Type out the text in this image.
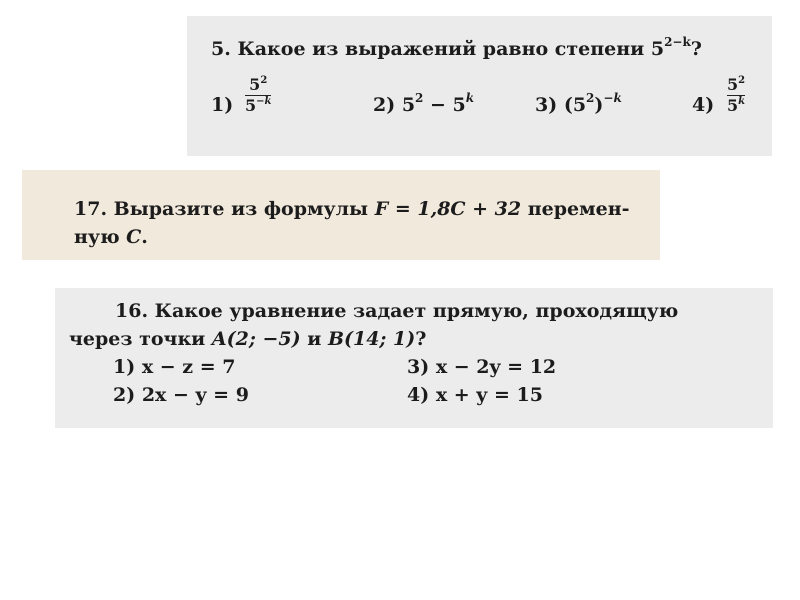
5. Какое из выражений равно степени $5^{2-k}$?
1)
$5^2$
$5^{-k}$	2) $5^2 - 5^k$	3) $(5^2)^{-k}$	4)
$5^2$
5$^k$
17. Выразите из формулы F = 1,8C + 32 перемен-
ную C.
16. Какое уравнение задает прямую, проходящую
через точки A(2; −5) и B(14; 1)?
1) x − z = 7
2) 2x − y = 9
3) x − 2y = 12
4) x + y = 15
